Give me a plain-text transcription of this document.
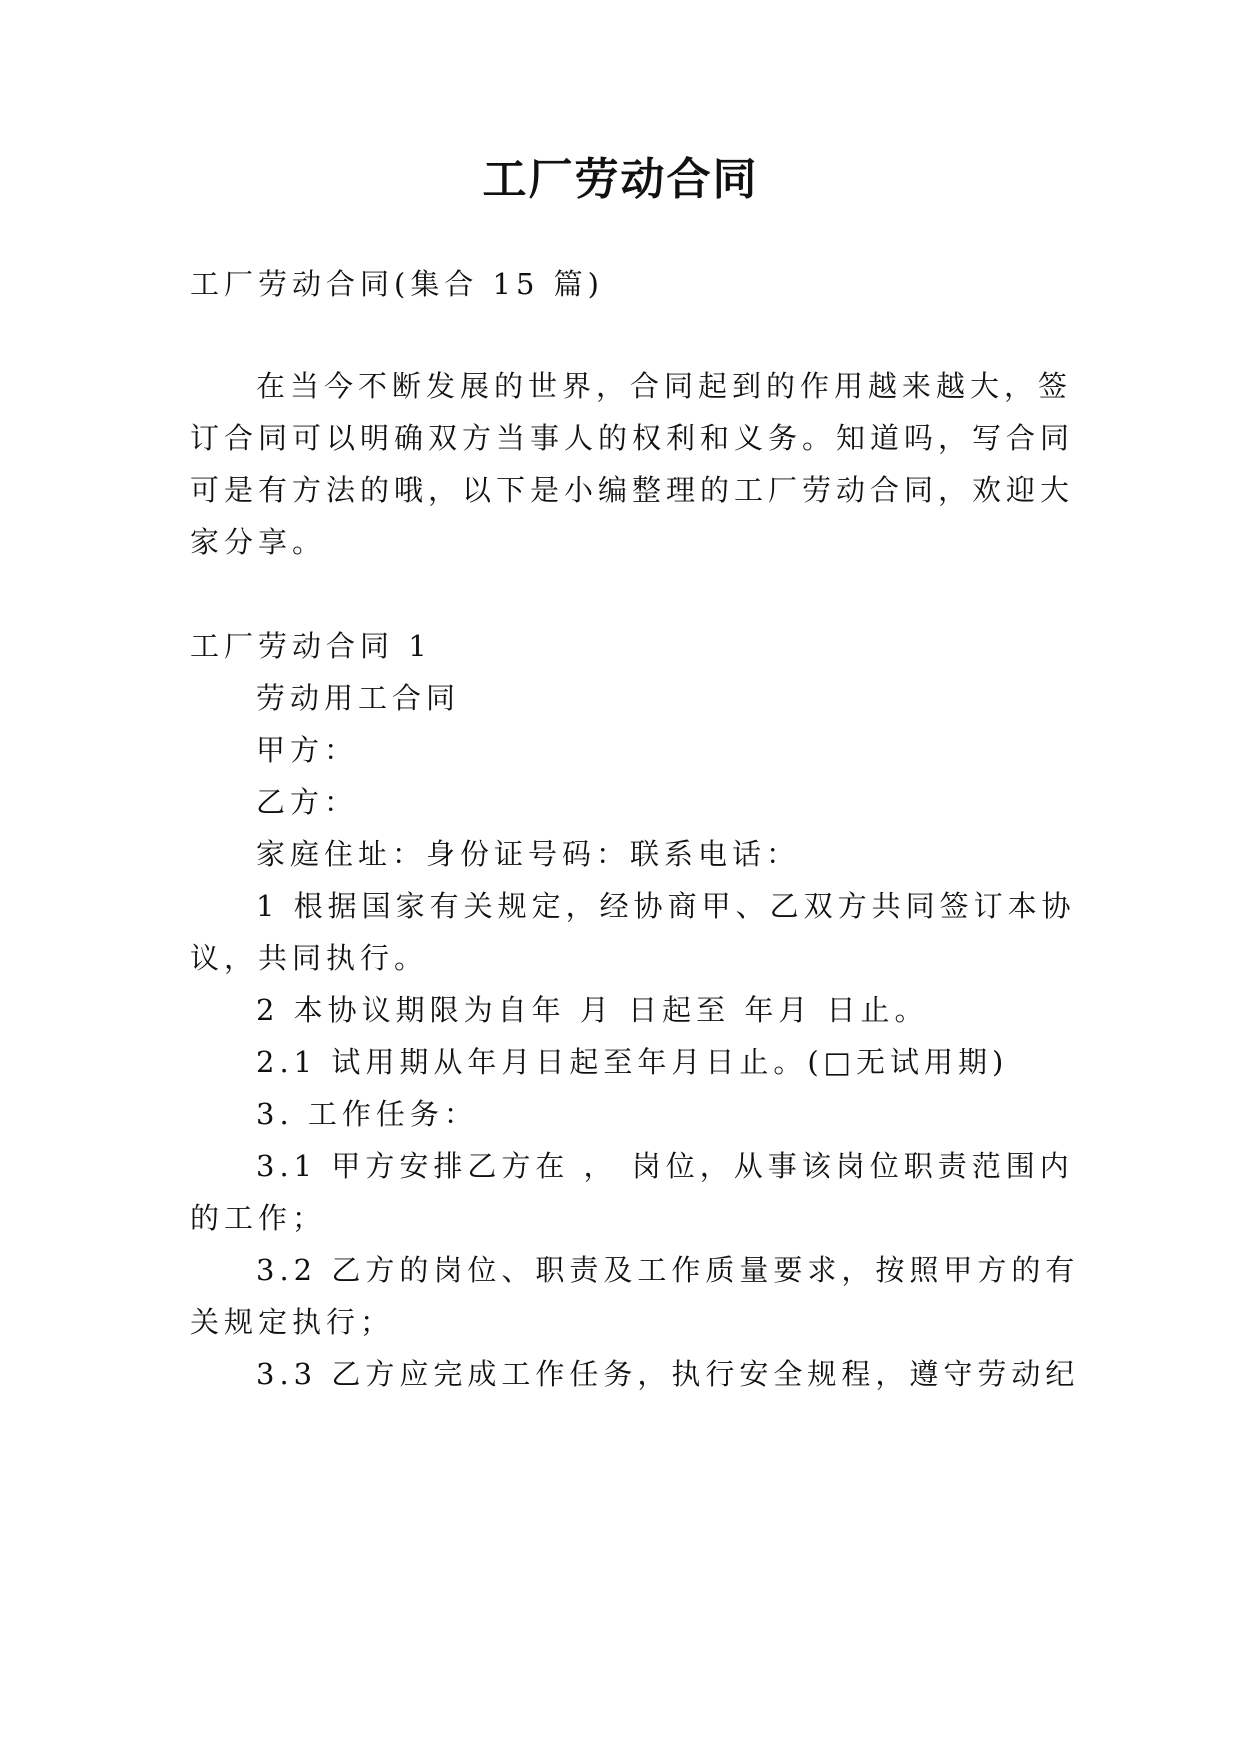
工厂劳动合同
工厂劳动合同(集合 15 篇)
在当今不断发展的世界，合同起到的作用越来越大，签
订合同可以明确双方当事人的权利和义务。知道吗，写合同
可是有方法的哦，以下是小编整理的工厂劳动合同，欢迎大
家分享。
工厂劳动合同 1
劳动用工合同
甲方：
乙方：
家庭住址：身份证号码：联系电话：
1 根据国家有关规定，经协商甲、乙双方共同签订本协
议，共同执行。
2 本协议期限为自年 月 日起至 年月 日止。
2.1 试用期从年月日起至年月日止。(□无试用期)
3. 工作任务：
3.1 甲方安排乙方在 ， 岗位，从事该岗位职责范围内
的工作；
3.2 乙方的岗位、职责及工作质量要求，按照甲方的有
关规定执行；
3.3 乙方应完成工作任务，执行安全规程，遵守劳动纪
